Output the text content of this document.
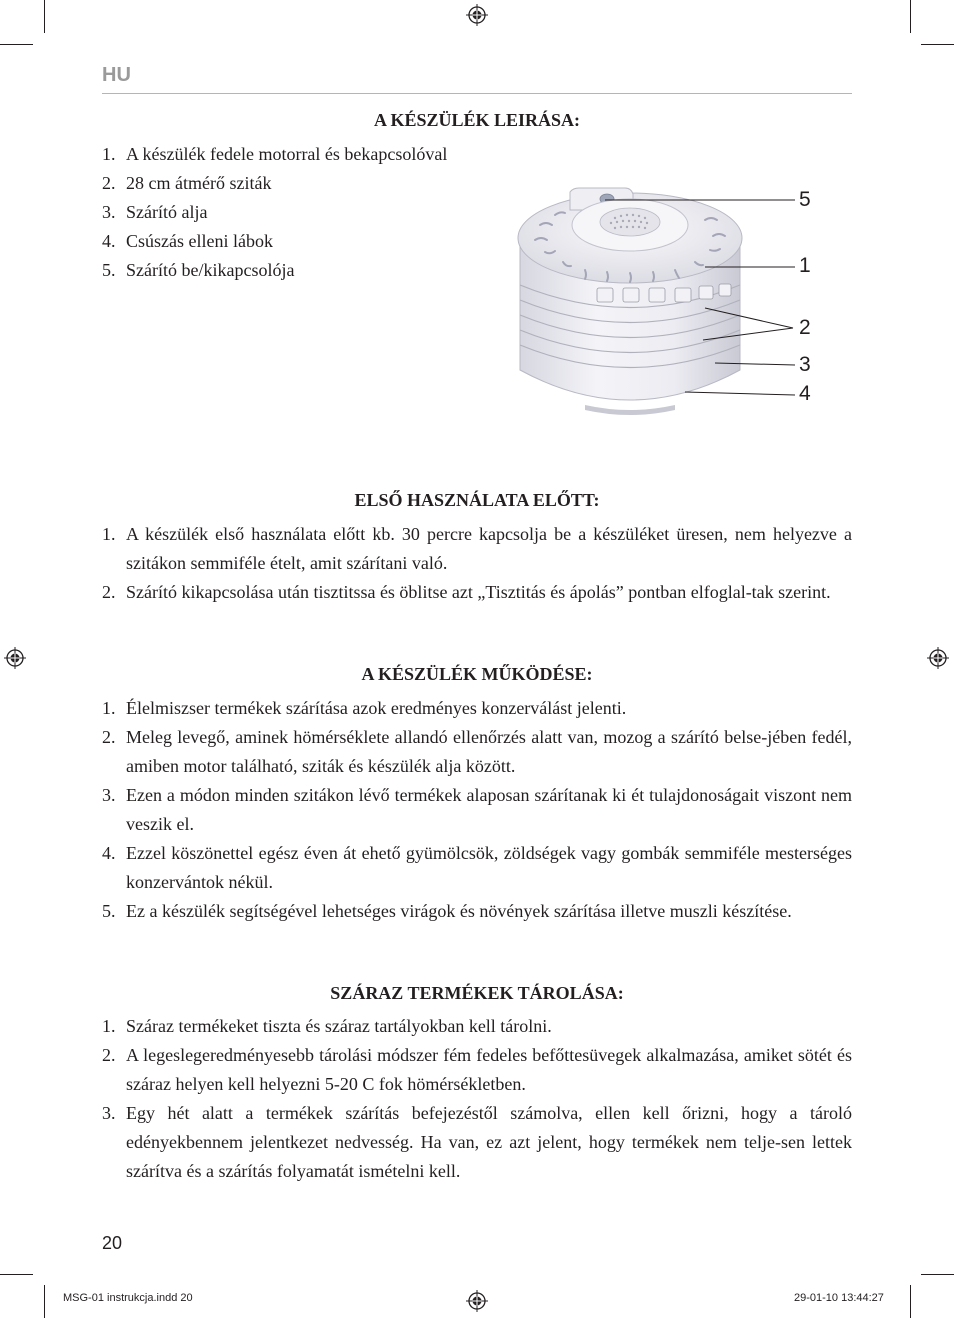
HU
A KÉSZÜLÉK LEIRÁSA:
1. A készülék fedele motorral és bekapcsolóval
2. 28 cm átmérő sziták
3. Szárító alja
4. Csúszás elleni lábok
5. Szárító be/kikapcsolója
5
1
2
3
4
ELSŐ HASZNÁLATA ELŐTT:
1. A készülék első használata előtt kb. 30 percre kapcsolja be a készüléket üresen, nem helyezve a szitákon semmiféle ételt, amit szárítani való.
2. Szárító kikapcsolása után tisztitssa és öblitse azt „Tisztitás és ápolás” pontban elfoglal-tak szerint.
A KÉSZÜLÉK MŰKÖDÉSE:
1. Élelmiszser termékek szárítása azok eredményes konzerválást jelenti.
2. Meleg levegő, aminek hömérséklete allandó ellenőrzés alatt van, mozog a szárító belse-jében fedél, amiben motor található, sziták és készülék alja között.
3. Ezen a módon minden szitákon lévő termékek alaposan szárítanak ki ét tulajdonoságait viszont nem veszik el.
4. Ezzel köszönettel egész éven át ehető gyümölcsök, zöldségek vagy gombák semmiféle mesterséges konzervántok nékül.
5. Ez a készülék segítségével lehetséges virágok és növények szárítása illetve muszli készítése.
SZÁRAZ TERMÉKEK TÁROLÁSA:
1. Száraz termékeket tiszta és száraz tartályokban kell tárolni.
2. A legeslegeredményesebb tárolási módszer fém fedeles befőttesüvegek alkalmazása, amiket sötét és száraz helyen kell helyezni 5-20 C fok hömérsékletben.
3. Egy hét alatt a termékek szárítás befejezéstől számolva, ellen kell őrizni, hogy a tároló edényekbennem jelentkezet nedvesség. Ha van, ez azt jelent, hogy termékek nem telje-sen lettek szárítva és a szárítás folyamatát ismételni kell.
20
MSG-01 instrukcja.indd 20	29-01-10 13:44:27
